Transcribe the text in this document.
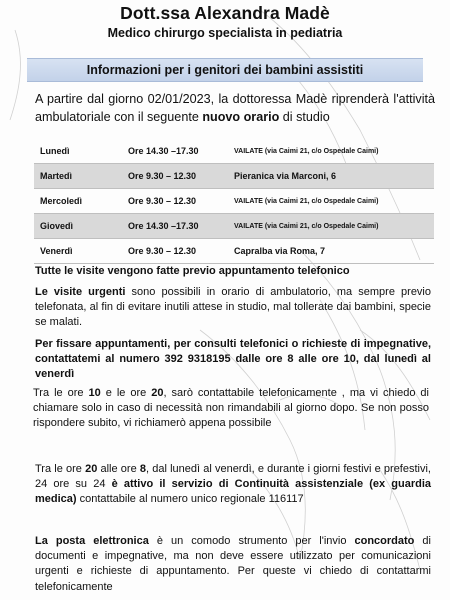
Dott.ssa Alexandra Madè
Medico chirurgo specialista in pediatria
Informazioni per i genitori dei bambini assistiti
A partire dal giorno 02/01/2023, la dottoressa Madè riprenderà l'attività ambulatoriale con il seguente nuovo orario di studio
Lunedì	Ore 14.30 –17.30	VAILATE (via Caimi 21, c/o Ospedale Caimi)
Martedì	Ore 9.30 – 12.30	Pieranica via Marconi, 6
Mercoledì	Ore 9.30 – 12.30	VAILATE (via Caimi 21, c/o Ospedale Caimi)
Giovedì	Ore 14.30 –17.30	VAILATE (via Caimi 21, c/o Ospedale Caimi)
Venerdì	Ore 9.30 – 12.30	Capralba via Roma, 7
Tutte le visite vengono fatte previo appuntamento telefonico
Le visite urgenti sono possibili in orario di ambulatorio, ma sempre previo telefonata, al fin di evitare inutili attese in studio, mal tollerate dai bambini, specie se malati.
Per fissare appuntamenti, per consulti telefonici o richieste di impegnative, contattatemi al numero 392 9318195 dalle ore 8 alle ore 10, dal lunedì al venerdì
Tra le ore 10 e le ore 20, sarò contattabile telefonicamente , ma vi chiedo di chiamare solo in caso di necessità non rimandabili al giorno dopo. Se non posso rispondere subito, vi richiamerò appena possibile
Tra le ore 20 alle ore 8, dal lunedì al venerdì, e durante i giorni festivi e prefestivi, 24 ore su 24 è attivo il servizio di Continuità assistenziale (ex guardia medica) contattabile al numero unico regionale 116117
La posta elettronica è un comodo strumento per l'invio concordato di documenti e impegnative, ma non deve essere utilizzato per comunicazioni urgenti e richieste di appuntamento. Per queste vi chiedo di contattarmi telefonicamente
